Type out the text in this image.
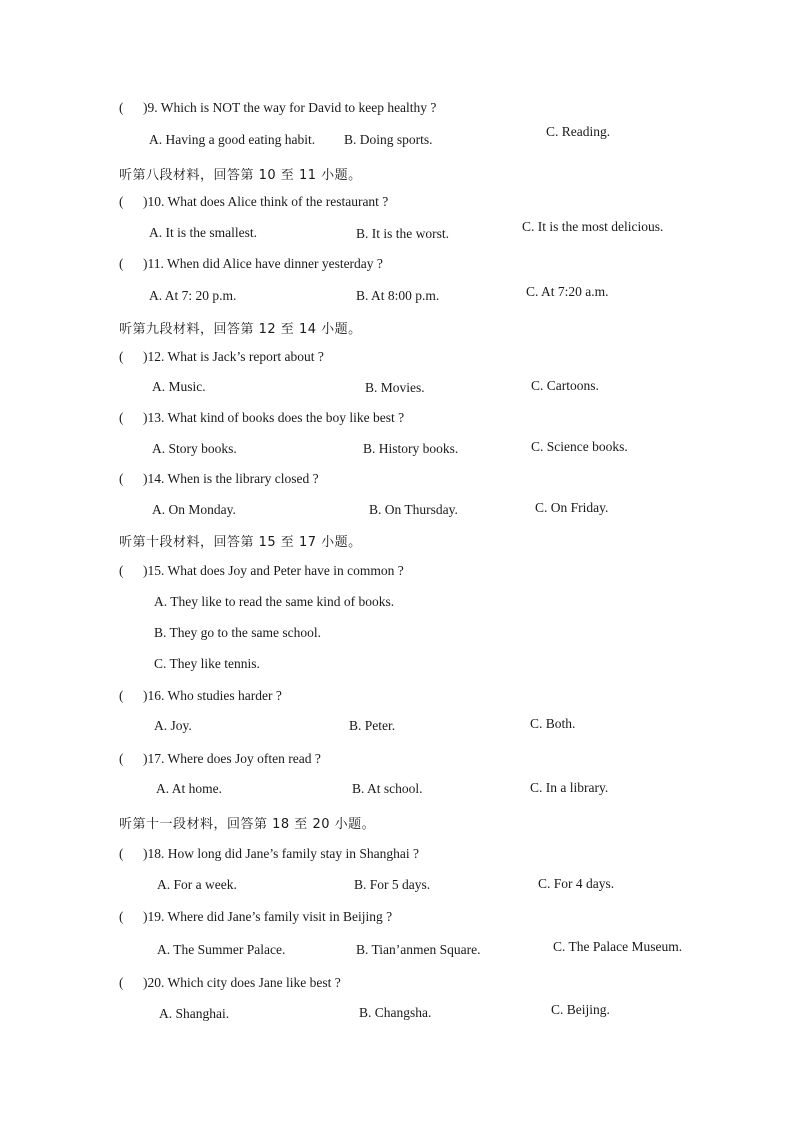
( )9. Which is NOT the way for David to keep healthy ?
A. Having a good eating habit. B. Doing sports.
C. Reading.
听第八段材料，回答第 10 至 11 小题。
( )10. What does Alice think of the restaurant ?
A. It is the smallest.	B. It is the worst.	C. It is the most delicious.
( )11. When did Alice have dinner yesterday ?
A. At 7: 20 p.m.	B. At 8:00 p.m.	C. At 7:20 a.m.
听第九段材料，回答第 12 至 14 小题。
( )12. What is Jack’s report about ?
A. Music.	B. Movies.	C. Cartoons.
( )13. What kind of books does the boy like best ?
A. Story books.	B. History books.	C. Science books.
( )14. When is the library closed ?
A. On Monday.	B. On Thursday.	C. On Friday.
听第十段材料，回答第 15 至 17 小题。
( )15. What does Joy and Peter have in common ?
A. They like to read the same kind of books.
B. They go to the same school.
C. They like tennis.
( )16. Who studies harder ?
A. Joy.	B. Peter.	C. Both.
( )17. Where does Joy often read ?
A. At home.	B. At school.	C. In a library.
听第十一段材料，回答第 18 至 20 小题。
( )18. How long did Jane’s family stay in Shanghai ?
A. For a week.	B. For 5 days.	C. For 4 days.
( )19. Where did Jane’s family visit in Beijing ?
A. The Summer Palace.	B. Tian’anmen Square.	C. The Palace Museum.
( )20. Which city does Jane like best ?
A. Shanghai.	B. Changsha.	C. Beijing.
